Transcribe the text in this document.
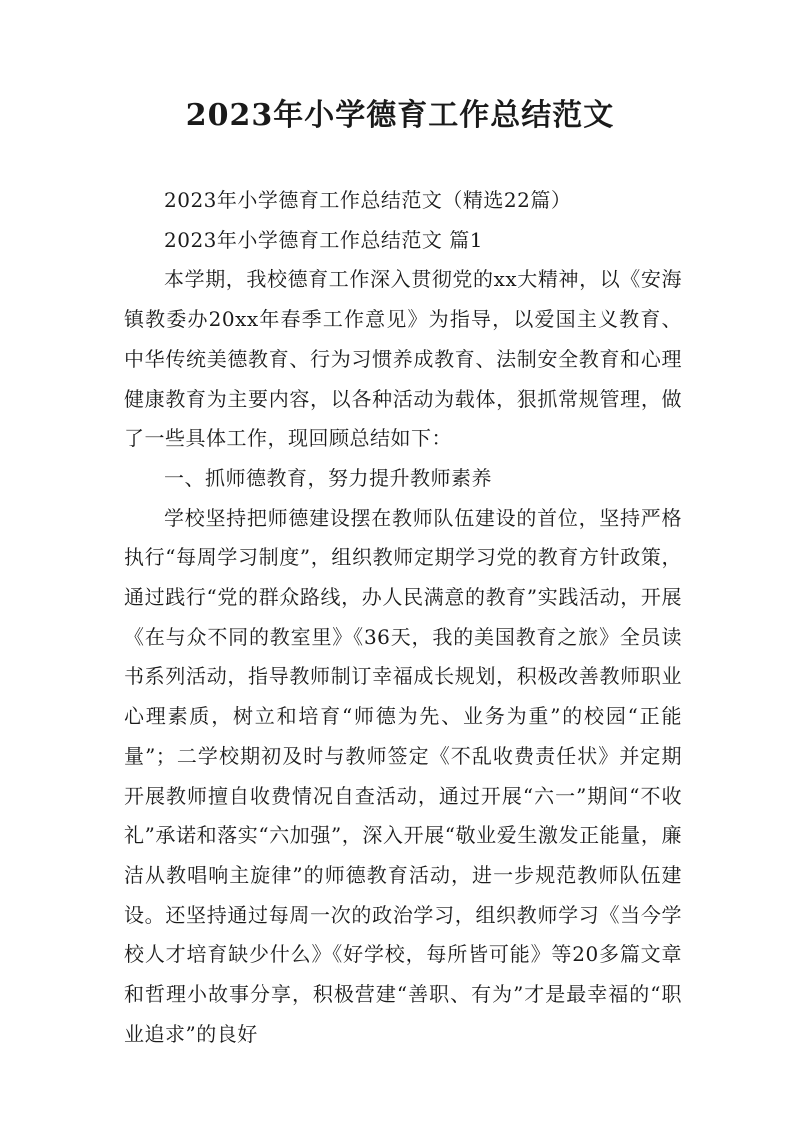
2023年小学德育工作总结范文

2023年小学德育工作总结范文（精选22篇）

2023年小学德育工作总结范文 篇1

本学期，我校德育工作深入贯彻党的xx大精神，以《安海镇教委办20xx年春季工作意见》为指导，以爱国主义教育、中华传统美德教育、行为习惯养成教育、法制安全教育和心理健康教育为主要内容，以各种活动为载体，狠抓常规管理，做了一些具体工作，现回顾总结如下：

一、抓师德教育，努力提升教师素养

学校坚持把师德建设摆在教师队伍建设的首位，坚持严格执行“每周学习制度”，组织教师定期学习党的教育方针政策，通过践行“党的群众路线，办人民满意的教育”实践活动，开展《在与众不同的教室里》《36天，我的美国教育之旅》全员读书系列活动，指导教师制订幸福成长规划，积极改善教师职业心理素质，树立和培育“师德为先、业务为重”的校园“正能量”；二学校期初及时与教师签定《不乱收费责任状》并定期开展教师擅自收费情况自查活动，通过开展“六一”期间“不收礼”承诺和落实“六加强”，深入开展“敬业爱生激发正能量，廉洁从教唱响主旋律”的师德教育活动，进一步规范教师队伍建设。还坚持通过每周一次的政治学习，组织教师学习《当今学校人才培育缺少什么》《好学校，每所皆可能》等20多篇文章和哲理小故事分享，积极营建“善职、有为”才是最幸福的“职业追求”的良好
